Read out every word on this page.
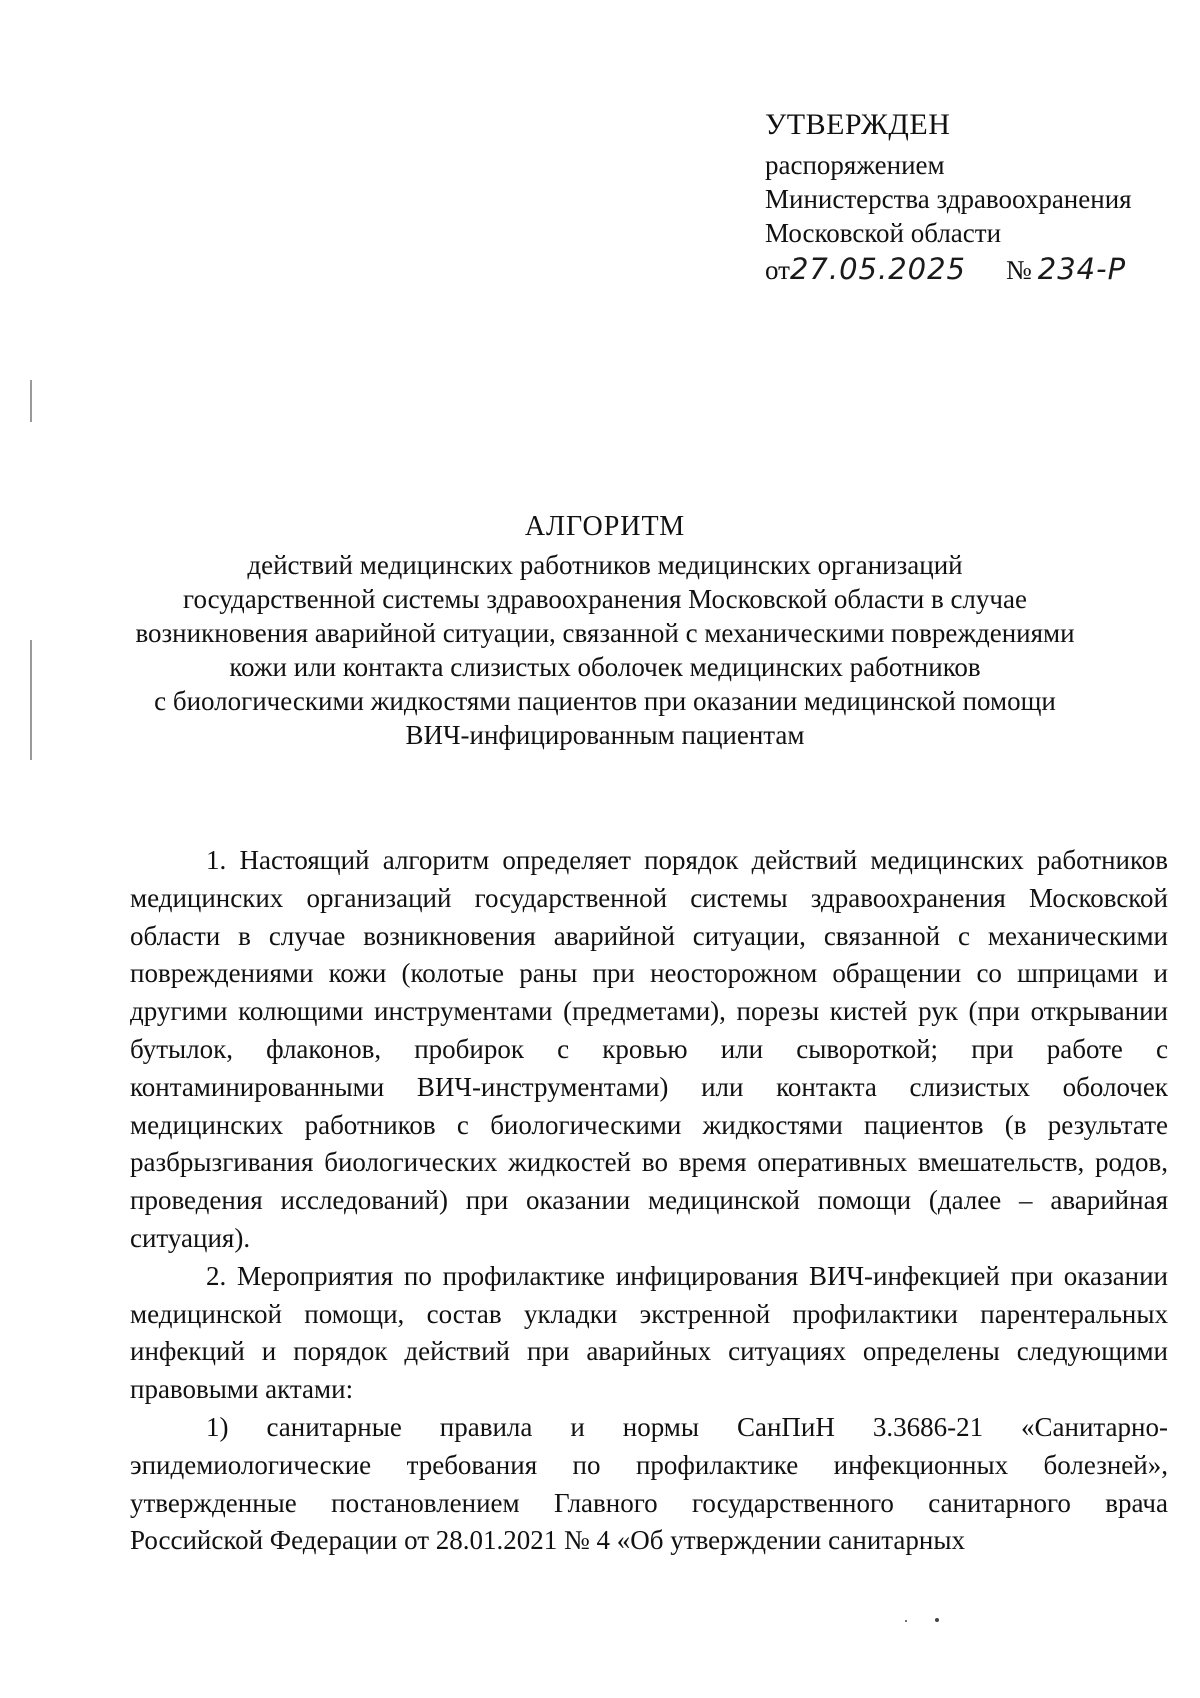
УТВЕРЖДЕН
распоряжением
Министерства здравоохранения
Московской области
от27.05.2025 № 234-Р
АЛГОРИТМ
действий медицинских работников медицинских организаций
государственной системы здравоохранения Московской области в случае
возникновения аварийной ситуации, связанной с механическими повреждениями
кожи или контакта слизистых оболочек медицинских работников
с биологическими жидкостями пациентов при оказании медицинской помощи
ВИЧ-инфицированным пациентам

1. Настоящий алгоритм определяет порядок действий медицинских работников медицинских организаций государственной системы здравоохранения Московской области в случае возникновения аварийной ситуации, связанной с механическими повреждениями кожи (колотые раны при неосторожном обращении со шприцами и другими колющими инструментами (предметами), порезы кистей рук (при открывании бутылок, флаконов, пробирок с кровью или сывороткой; при работе с контаминированными ВИЧ-инструментами) или контакта слизистых оболочек медицинских работников с биологическими жидкостями пациентов (в результате разбрызгивания биологических жидкостей во время оперативных вмешательств, родов, проведения исследований) при оказании медицинской помощи (далее – аварийная ситуация).

2. Мероприятия по профилактике инфицирования ВИЧ-инфекцией при оказании медицинской помощи, состав укладки экстренной профилактики парентеральных инфекций и порядок действий при аварийных ситуациях определены следующими правовыми актами:

1) санитарные правила и нормы СанПиН 3.3686-21 «Санитарно-эпидемиологические требования по профилактике инфекционных болезней», утвержденные постановлением Главного государственного санитарного врача Российской Федерации от 28.01.2021 № 4 «Об утверждении санитарных
